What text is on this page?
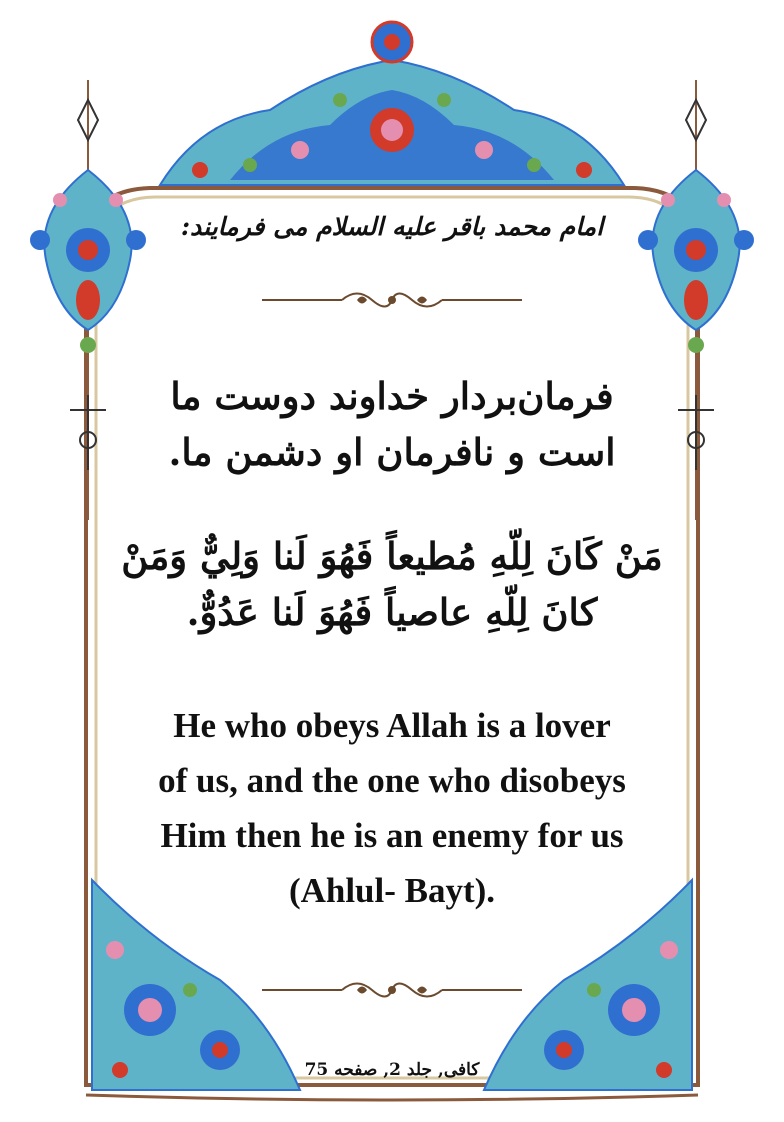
امام محمد باقر علیه السلام می فرمایند:
فرمان‌بردار خداوند دوست ما
است و نافرمان او دشمن ما.
مَنْ كَانَ لِلّهِ مُطيعاً فَهُوَ لَنا وَلِيٌّ وَمَنْ
كانَ لِلّهِ عاصياً فَهُوَ لَنا عَدُوٌّ.
He who obeys Allah is a lover
of us, and the one who disobeys
Him then he is an enemy for us
(Ahlul- Bayt).
کافی, جلد 2, صفحه 75
